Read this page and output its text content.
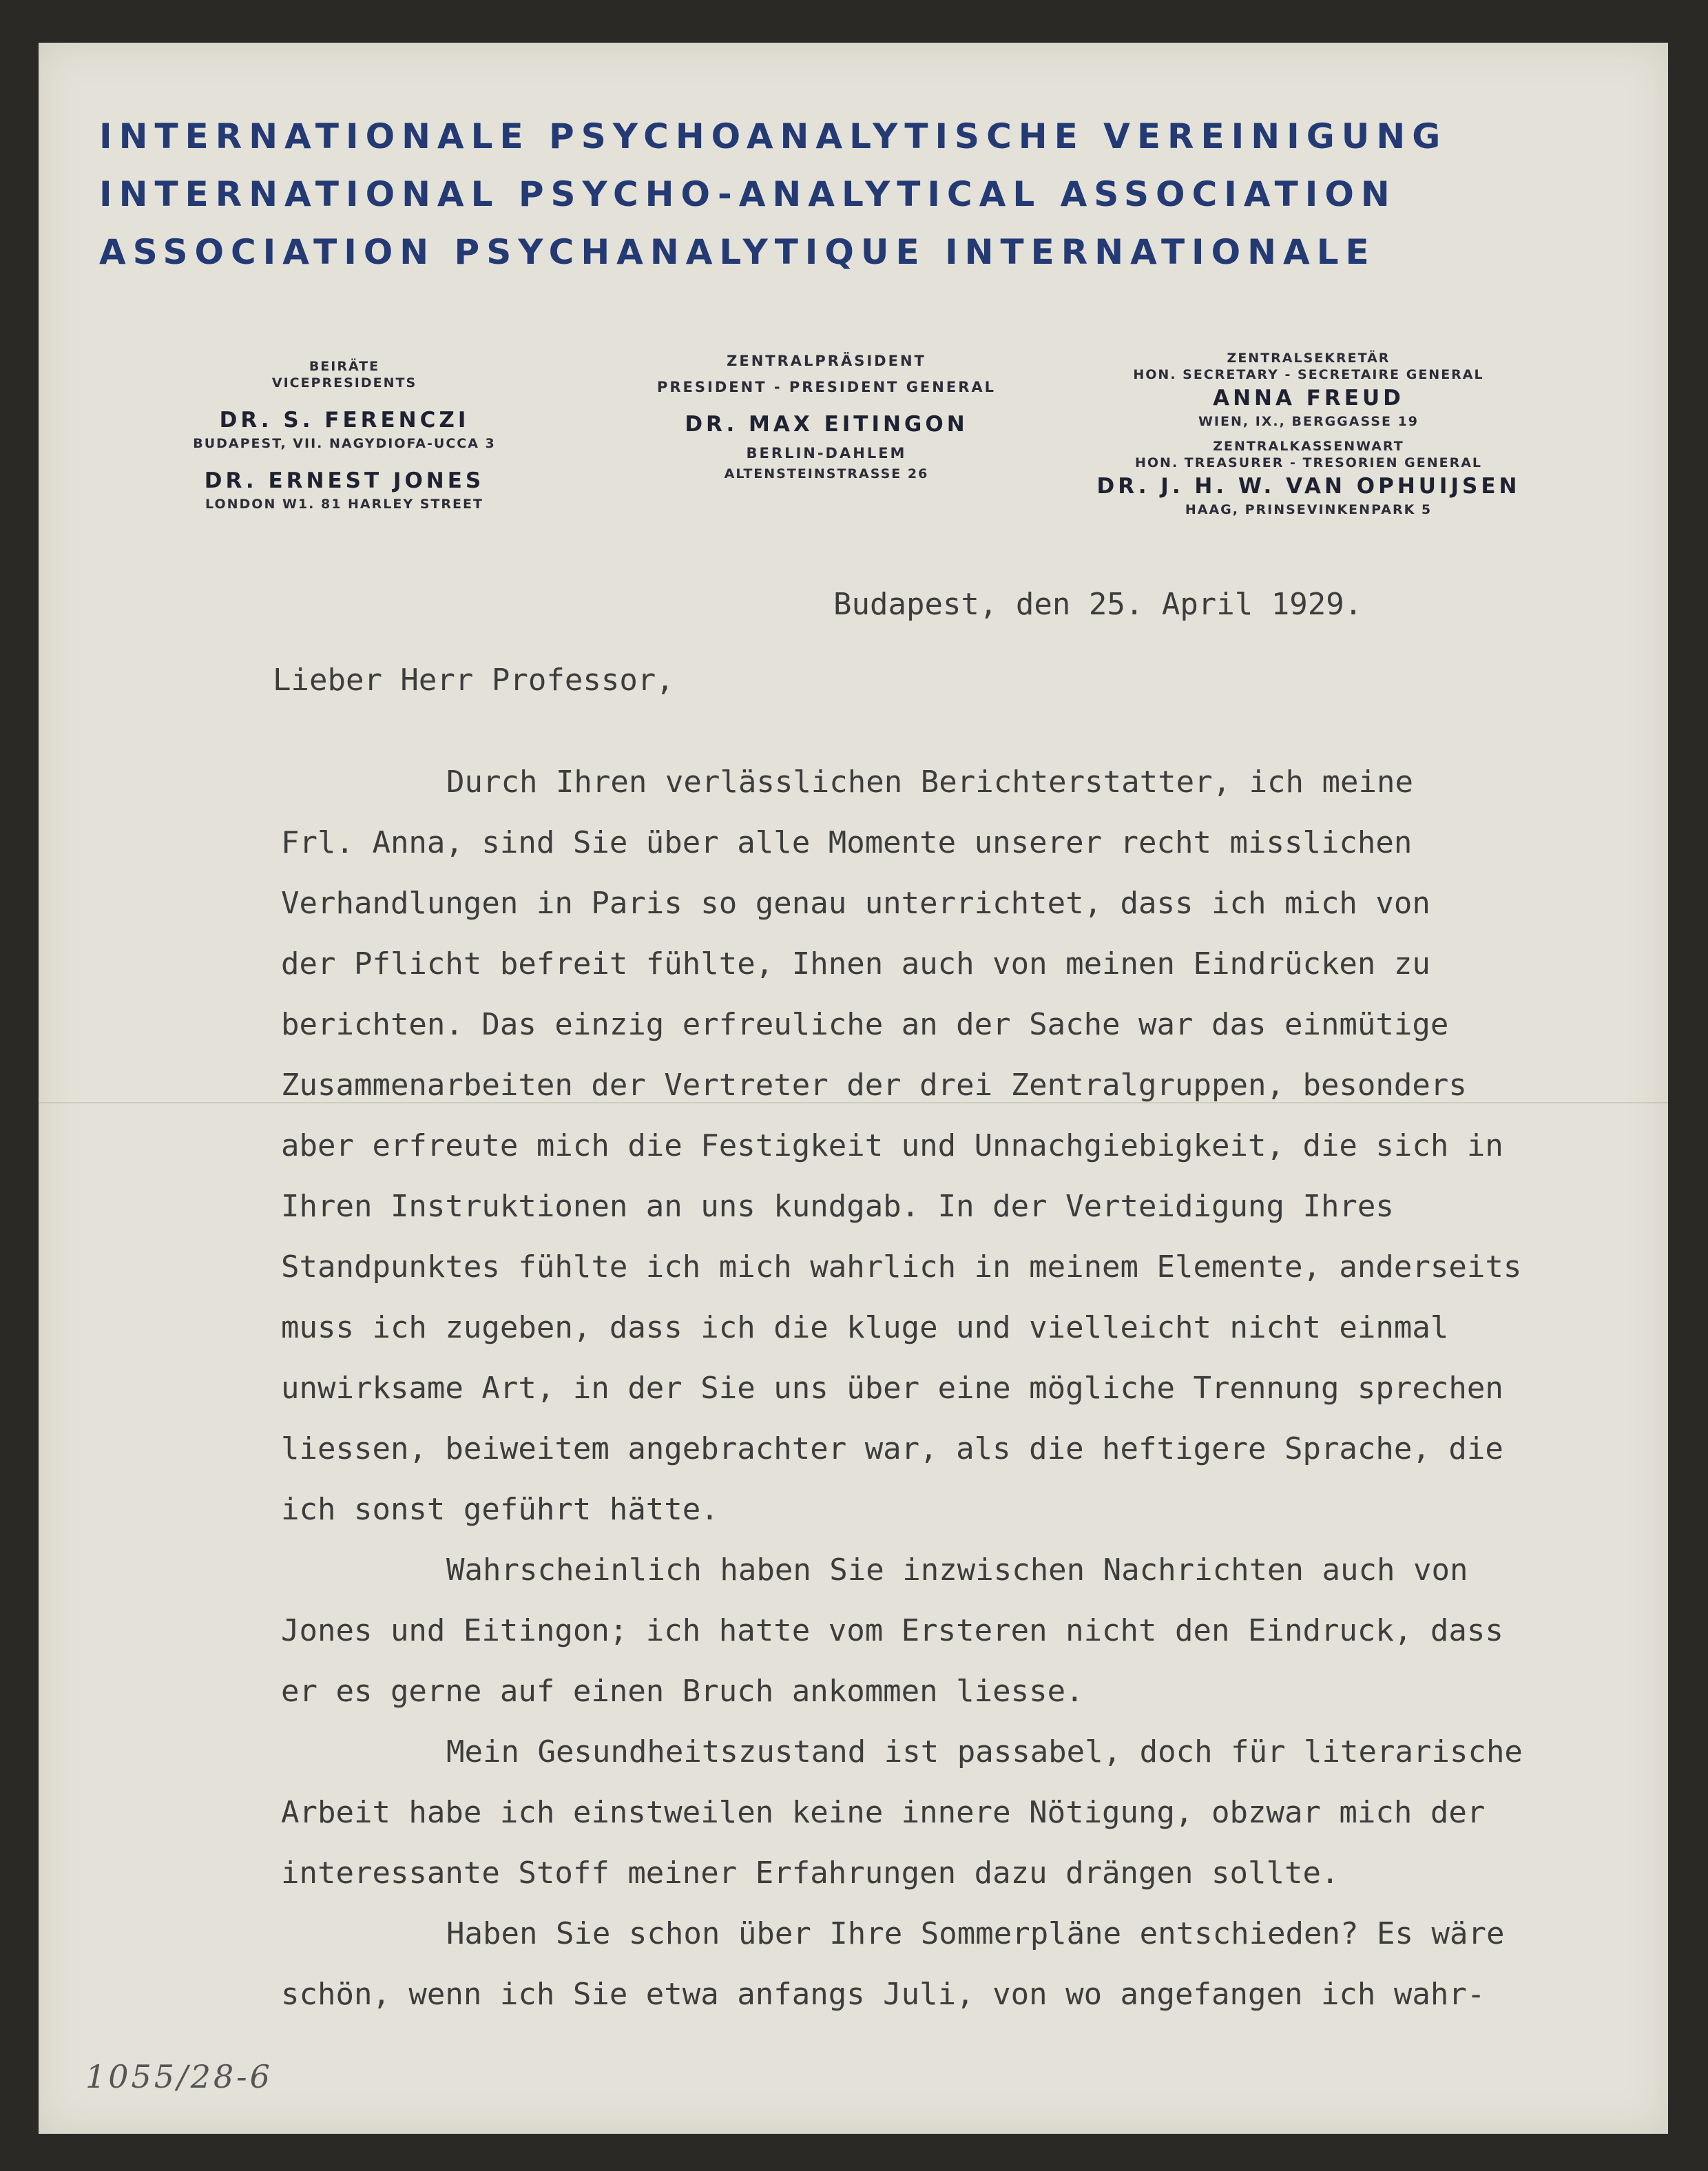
INTERNATIONALE PSYCHOANALYTISCHE VEREINIGUNG
INTERNATIONAL PSYCHO-ANALYTICAL ASSOCIATION
ASSOCIATION PSYCHANALYTIQUE INTERNATIONALE
BEIRÄTE
VICEPRESIDENTS
DR. S. FERENCZI
BUDAPEST, VII. NAGYDIOFA-UCCA 3
DR. ERNEST JONES
LONDON W1. 81 HARLEY STREET
ZENTRALPRÄSIDENT
PRESIDENT - PRESIDENT GENERAL
DR. MAX EITINGON
BERLIN-DAHLEM
ALTENSTEINSTRASSE 26
ZENTRALSEKRETÄR
HON. SECRETARY - SECRETAIRE GENERAL
ANNA FREUD
WIEN, IX., BERGGASSE 19
ZENTRALKASSENWART
HON. TREASURER - TRESORIEN GENERAL
DR. J. H. W. VAN OPHUIJSEN
HAAG, PRINSEVINKENPARK 5
Budapest, den 25. April 1929.
Lieber Herr Professor,
Durch Ihren verlässlichen Berichterstatter, ich meine
Frl. Anna, sind Sie über alle Momente unserer recht misslichen
Verhandlungen in Paris so genau unterrichtet, dass ich mich von
der Pflicht befreit fühlte, Ihnen auch von meinen Eindrücken zu
berichten. Das einzig erfreuliche an der Sache war das einmütige
Zusammenarbeiten der Vertreter der drei Zentralgruppen, besonders
aber erfreute mich die Festigkeit und Unnachgiebigkeit, die sich in
Ihren Instruktionen an uns kundgab. In der Verteidigung Ihres
Standpunktes fühlte ich mich wahrlich in meinem Elemente, anderseits
muss ich zugeben, dass ich die kluge und vielleicht nicht einmal
unwirksame Art, in der Sie uns über eine mögliche Trennung sprechen
liessen, beiweitem angebrachter war, als die heftigere Sprache, die
ich sonst geführt hätte.
Wahrscheinlich haben Sie inzwischen Nachrichten auch von
Jones und Eitingon; ich hatte vom Ersteren nicht den Eindruck, dass
er es gerne auf einen Bruch ankommen liesse.
Mein Gesundheitszustand ist passabel, doch für literarische
Arbeit habe ich einstweilen keine innere Nötigung, obzwar mich der
interessante Stoff meiner Erfahrungen dazu drängen sollte.
Haben Sie schon über Ihre Sommerpläne entschieden? Es wäre
schön, wenn ich Sie etwa anfangs Juli, von wo angefangen ich wahr-
1055/28-6
